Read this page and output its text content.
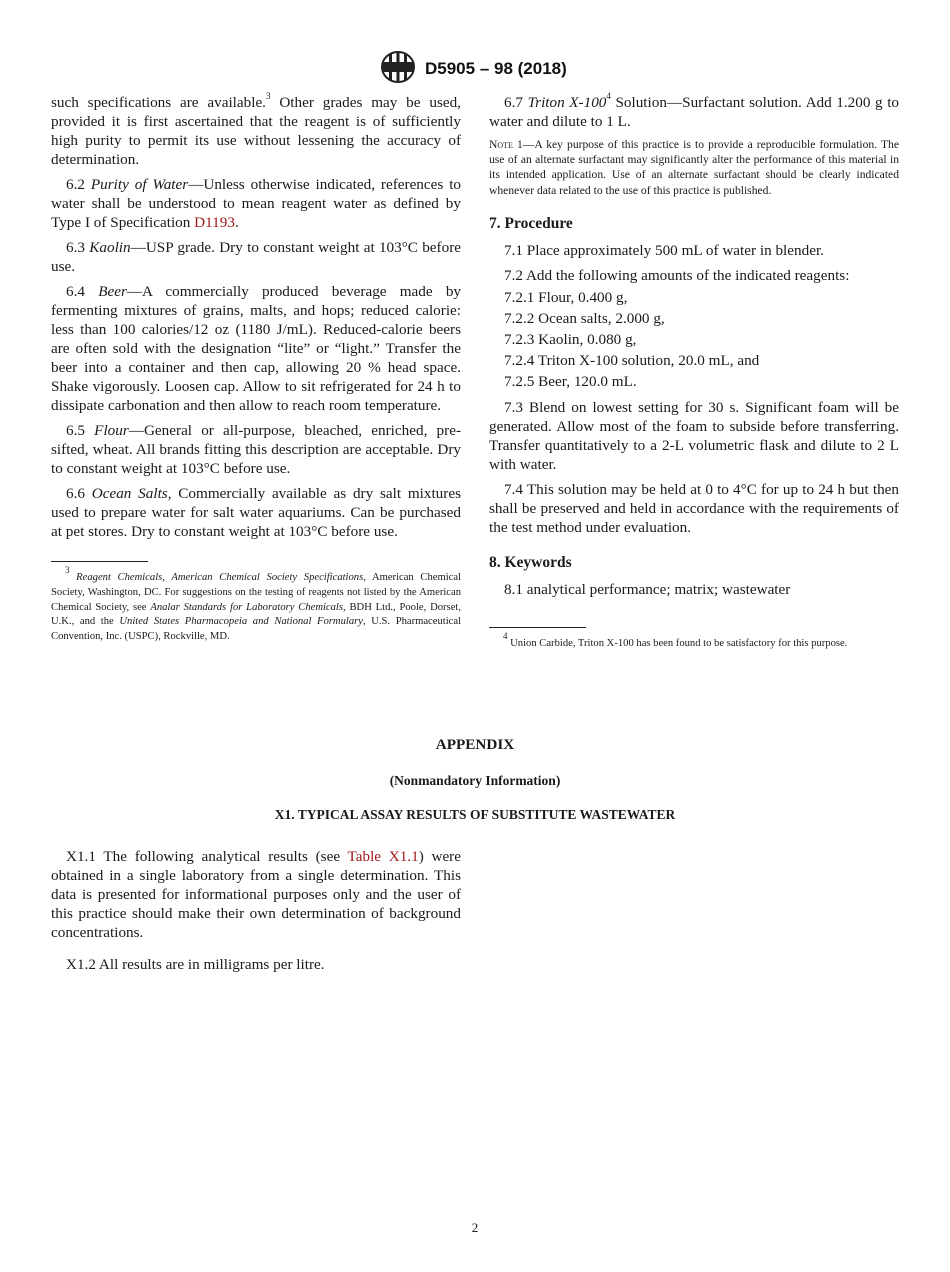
D5905 – 98 (2018)

such specifications are available.$^3$ Other grades may be used, provided it is first ascertained that the reagent is of sufficiently high purity to permit its use without lessening the accuracy of determination.

6.2 Purity of Water—Unless otherwise indicated, references to water shall be understood to mean reagent water as defined by Type I of Specification D1193.

6.3 Kaolin—USP grade. Dry to constant weight at 103°C before use.

6.4 Beer—A commercially produced beverage made by fermenting mixtures of grains, malts, and hops; reduced calorie: less than 100 calories/12 oz (1180 J/mL). Reduced-calorie beers are often sold with the designation “lite” or “light.” Transfer the beer into a container and then cap, allowing 20 % head space. Shake vigorously. Loosen cap. Allow to sit refrigerated for 24 h to dissipate carbonation and then allow to reach room temperature.

6.5 Flour—General or all-purpose, bleached, enriched, pre-sifted, wheat. All brands fitting this description are acceptable. Dry to constant weight at 103°C before use.

6.6 Ocean Salts, Commercially available as dry salt mixtures used to prepare water for salt water aquariums. Can be purchased at pet stores. Dry to constant weight at 103°C before use.

$^3$ Reagent Chemicals, American Chemical Society Specifications, American Chemical Society, Washington, DC. For suggestions on the testing of reagents not listed by the American Chemical Society, see Analar Standards for Laboratory Chemicals, BDH Ltd., Poole, Dorset, U.K., and the United States Pharmacopeia and National Formulary, U.S. Pharmaceutical Convention, Inc. (USPC), Rockville, MD.

6.7 Triton $X-100^4$ Solution—Surfactant solution. Add 1.200 g to water and dilute to 1 L.

Note 1—A key purpose of this practice is to provide a reproducible formulation. The use of an alternate surfactant may significantly alter the performance of this material in its intended application. Use of an alternate surfactant should be clearly indicated whenever data related to the use of this practice is published.

7. Procedure

7.1 Place approximately 500 mL of water in blender.

7.2 Add the following amounts of the indicated reagents:

7.2.1 Flour, 0.400 g,
7.2.2 Ocean salts, 2.000 g,
7.2.3 Kaolin, 0.080 g,
7.2.4 Triton X-100 solution, 20.0 mL, and
7.2.5 Beer, 120.0 mL.

7.3 Blend on lowest setting for 30 s. Significant foam will be generated. Allow most of the foam to subside before transferring. Transfer quantitatively to a 2-L volumetric flask and dilute to 2 L with water.

7.4 This solution may be held at 0 to 4°C for up to 24 h but then shall be preserved and held in accordance with the requirements of the test method under evaluation.

8. Keywords

8.1 analytical performance; matrix; wastewater

$^4$ Union Carbide, Triton X-100 has been found to be satisfactory for this purpose.

APPENDIX
(Nonmandatory Information)
X1. TYPICAL ASSAY RESULTS OF SUBSTITUTE WASTEWATER

X1.1 The following analytical results (see Table X1.1) were obtained in a single laboratory from a single determination. This data is presented for informational purposes only and the user of this practice should make their own determination of background concentrations.

X1.2 All results are in milligrams per litre.

2
